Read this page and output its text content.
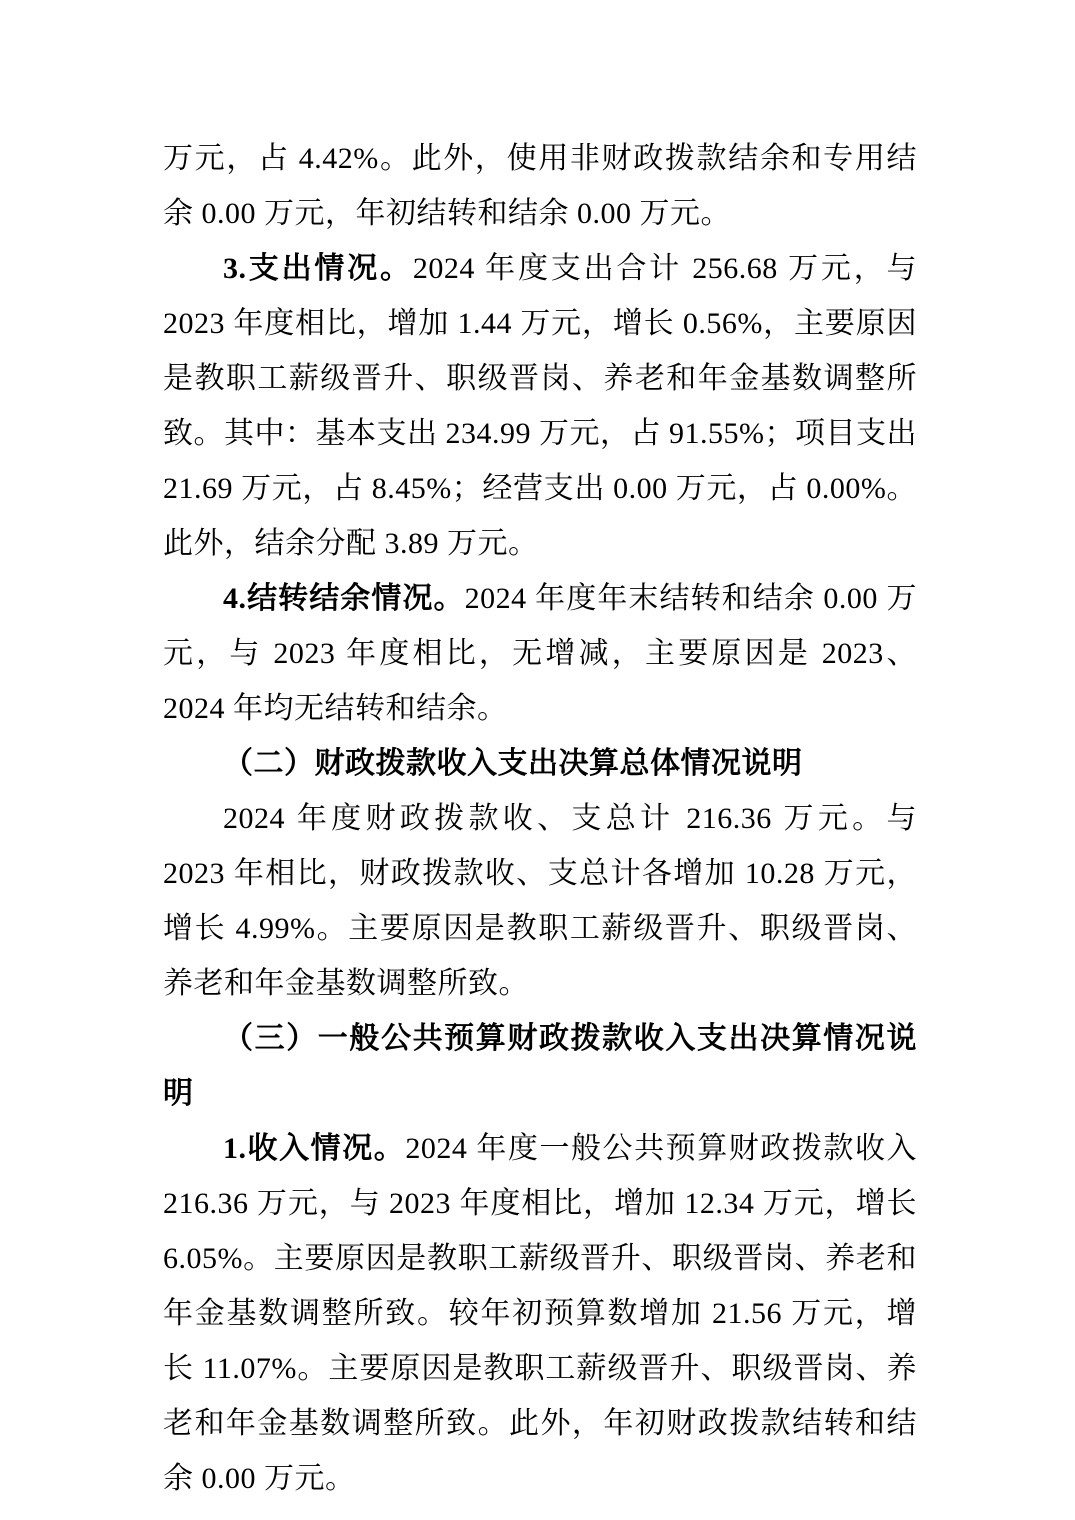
万元，占 4.42%。此外，使用非财政拨款结余和专用结余 0.00 万元，年初结转和结余 0.00 万元。

3.支出情况。2024 年度支出合计 256.68 万元，与 2023 年度相比，增加 1.44 万元，增长 0.56%，主要原因是教职工薪级晋升、职级晋岗、养老和年金基数调整所致。其中：基本支出 234.99 万元，占 91.55%；项目支出 21.69 万元，占 8.45%；经营支出 0.00 万元，占 0.00%。此外，结余分配 3.89 万元。

4.结转结余情况。2024 年度年末结转和结余 0.00 万元，与 2023 年度相比，无增减，主要原因是 2023、2024 年均无结转和结余。

（二）财政拨款收入支出决算总体情况说明

2024 年度财政拨款收、支总计 216.36 万元。与 2023 年相比，财政拨款收、支总计各增加 10.28 万元，增长 4.99%。主要原因是教职工薪级晋升、职级晋岗、养老和年金基数调整所致。

（三）一般公共预算财政拨款收入支出决算情况说明

1.收入情况。2024 年度一般公共预算财政拨款收入 216.36 万元，与 2023 年度相比，增加 12.34 万元，增长 6.05%。主要原因是教职工薪级晋升、职级晋岗、养老和年金基数调整所致。较年初预算数增加 21.56 万元，增长 11.07%。主要原因是教职工薪级晋升、职级晋岗、养老和年金基数调整所致。此外，年初财政拨款结转和结余 0.00 万元。
